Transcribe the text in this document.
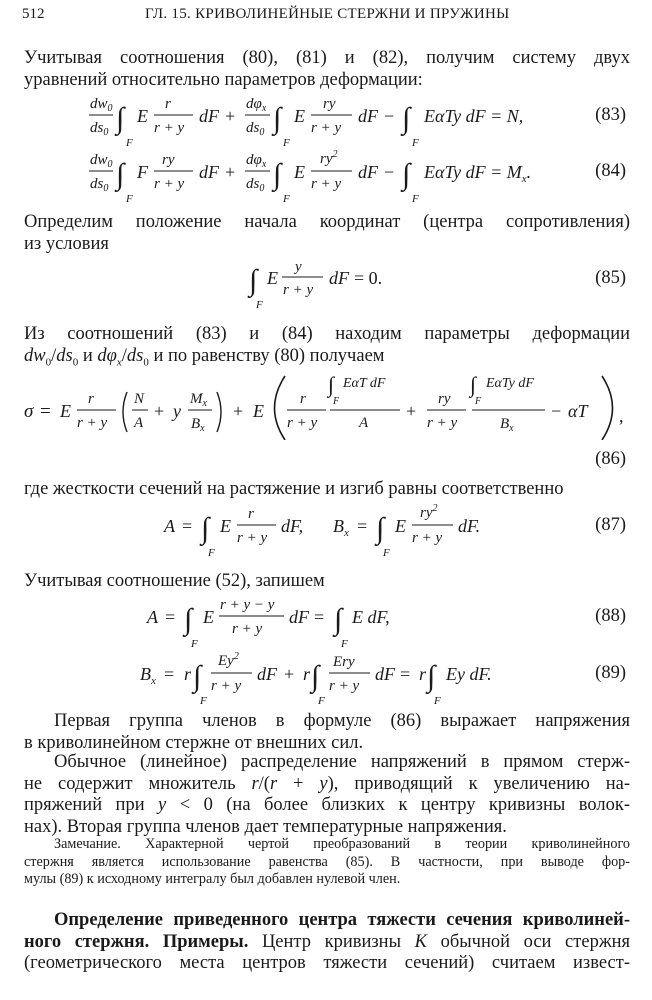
512	ГЛ. 15. КРИВОЛИНЕЙНЫЕ СТЕРЖНИ И ПРУЖИНЫ
Учитывая соотношения (80), (81) и (82), получим систему двух
уравнений относительно параметров деформации:
$dw_0$
$ds_0$ ∫
F
E
r
r + y
dF +
$d\varphi_x$
$ds_0$ ∫
F
E
ry
r + y
dF − ∫
F
EαTy dF = N,	(83)
$dw_0$
$ds_0$ ∫
F
F
ry
r + y
dF +
$d\varphi_x$
$ds_0$ ∫
F
E
$ry^2$
r + y
dF − ∫
F
EαTy dF = $M_x$.	(84)
Определим положение начала координат (центра сопротивления)
из условия
∫
F
E
y
r + y
dF = 0.	(85)
Из соотношений (83) и (84) находим параметры деформации
$dw_0/ds_0$ и $d\varphi_x/ds_0$ и по равенству (80) получаем
σ = E
r
r + y
N
A
+ y
$M_x$
$B_x$
+ E
r
r + y
∫
F
EαT dF
A
+
ry
r + y
∫
F
EαTy dF
$B_x$
− αT ,
(86)
где жесткости сечений на растяжение и изгиб равны соответственно
A = ∫
F
E
r
r + y
dF, $B_x$ = ∫
F
E
$ry^2$
r + y
dF.	(87)
Учитывая соотношение (52), запишем
A = ∫
F
E
r + y − y
r + y
dF = ∫
F
E dF,	(88)
$B_x = r$ ∫
F
Ey$^2$
r + y
dF + r ∫
F
Ery
r + y
dF = r ∫
F
Ey dF.	(89)
Первая группа членов в формуле (86) выражает напряжения
в криволинейном стержне от внешних сил.
Обычное (линейное) распределение напряжений в прямом стерж-
не содержит множитель r/(r + y), приводящий к увеличению на-
пряжений при y < 0 (на более близких к центру кривизны волок-
нах). Вторая группа членов дает температурные напряжения.
Замечание. Характерной чертой преобразований в теории криволинейного
стержня является использование равенства (85). В частности, при выводе фор-
мулы (89) к исходному интегралу был добавлен нулевой член.
Определение приведенного центра тяжести сечения криволиней-
ного стержня. Примеры. Центр кривизны K обычной оси стержня
(геометрического места центров тяжести сечений) считаем извест-
